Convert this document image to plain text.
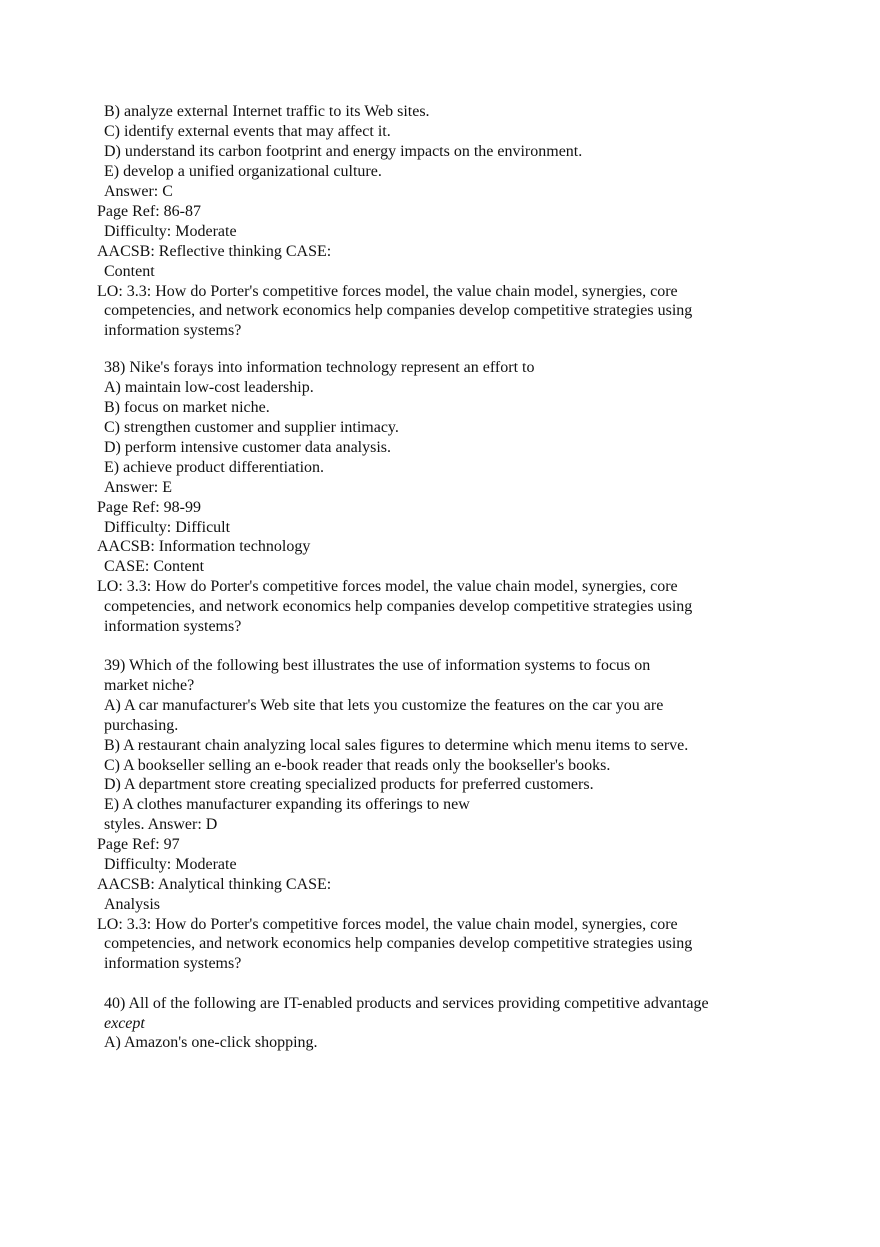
B) analyze external Internet traffic to its Web sites.
C) identify external events that may affect it.
D) understand its carbon footprint and energy impacts on the environment.
E) develop a unified organizational culture.
Answer: C
Page Ref: 86-87
Difficulty: Moderate
AACSB: Reflective thinking CASE:
Content
LO: 3.3: How do Porter's competitive forces model, the value chain model, synergies, core
competencies, and network economics help companies develop competitive strategies using
information systems?
38) Nike's forays into information technology represent an effort to
A) maintain low-cost leadership.
B) focus on market niche.
C) strengthen customer and supplier intimacy.
D) perform intensive customer data analysis.
E) achieve product differentiation.
Answer: E
Page Ref: 98-99
Difficulty: Difficult
AACSB: Information technology
CASE: Content
LO: 3.3: How do Porter's competitive forces model, the value chain model, synergies, core
competencies, and network economics help companies develop competitive strategies using
information systems?
39) Which of the following best illustrates the use of information systems to focus on
market niche?
A) A car manufacturer's Web site that lets you customize the features on the car you are
purchasing.
B) A restaurant chain analyzing local sales figures to determine which menu items to serve.
C) A bookseller selling an e-book reader that reads only the bookseller's books.
D) A department store creating specialized products for preferred customers.
E) A clothes manufacturer expanding its offerings to new
styles. Answer: D
Page Ref: 97
Difficulty: Moderate
AACSB: Analytical thinking CASE:
Analysis
LO: 3.3: How do Porter's competitive forces model, the value chain model, synergies, core
competencies, and network economics help companies develop competitive strategies using
information systems?
40) All of the following are IT-enabled products and services providing competitive advantage
except
A) Amazon's one-click shopping.
